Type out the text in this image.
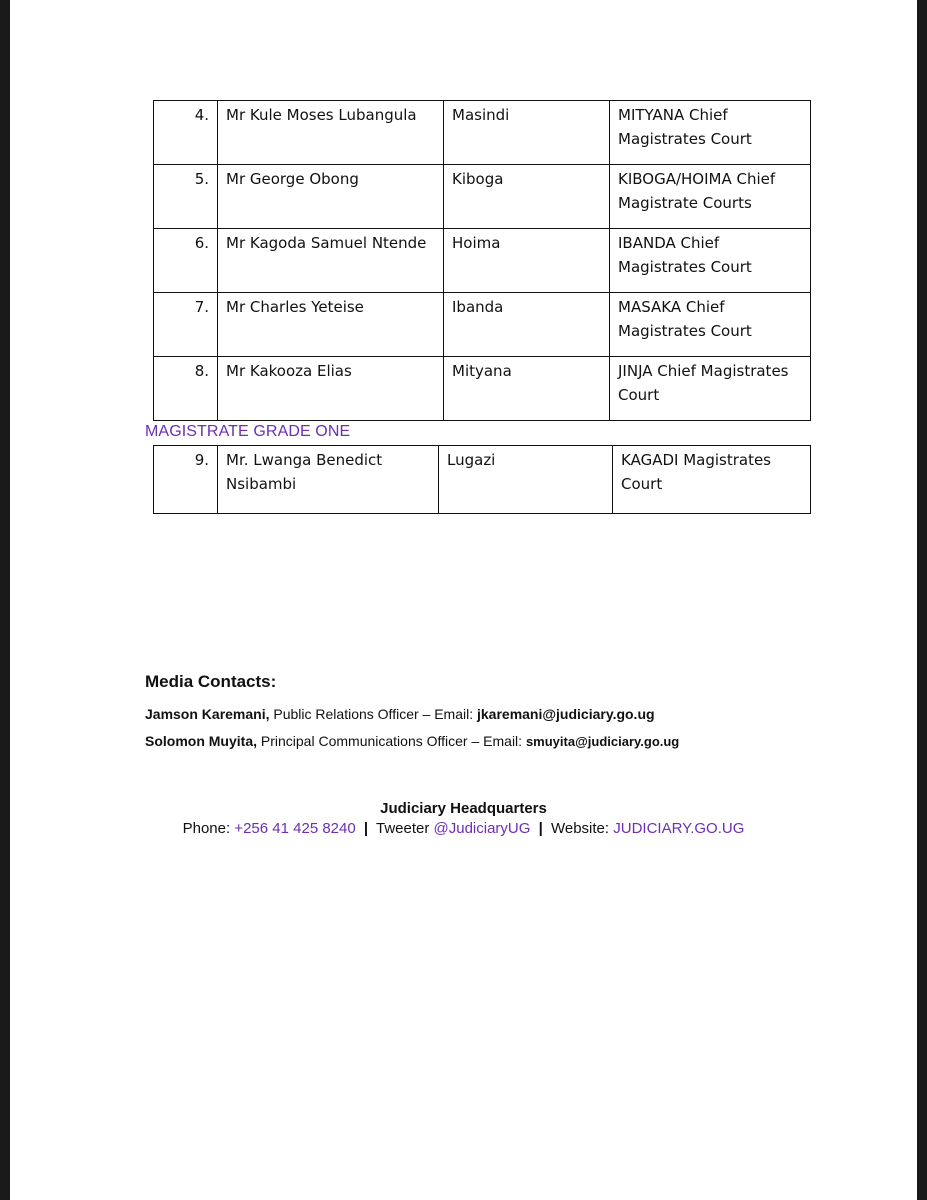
4.	Mr Kule Moses Lubangula	Masindi	MITYANA Chief Magistrates Court
5.	Mr George Obong	Kiboga	KIBOGA/HOIMA Chief Magistrate Courts
6.	Mr Kagoda Samuel Ntende	Hoima	IBANDA Chief Magistrates Court
7.	Mr Charles Yeteise	Ibanda	MASAKA Chief Magistrates Court
8.	Mr Kakooza Elias	Mityana	JINJA Chief Magistrates Court
MAGISTRATE GRADE ONE
9.	Mr. Lwanga Benedict Nsibambi	Lugazi	KAGADI Magistrates Court
Media Contacts:
Jamson Karemani, Public Relations Officer – Email: jkaremani@judiciary.go.ug
Solomon Muyita, Principal Communications Officer – Email: smuyita@judiciary.go.ug
Judiciary Headquarters
Phone: +256 41 425 8240 | Tweeter @JudiciaryUG | Website: JUDICIARY.GO.UG
